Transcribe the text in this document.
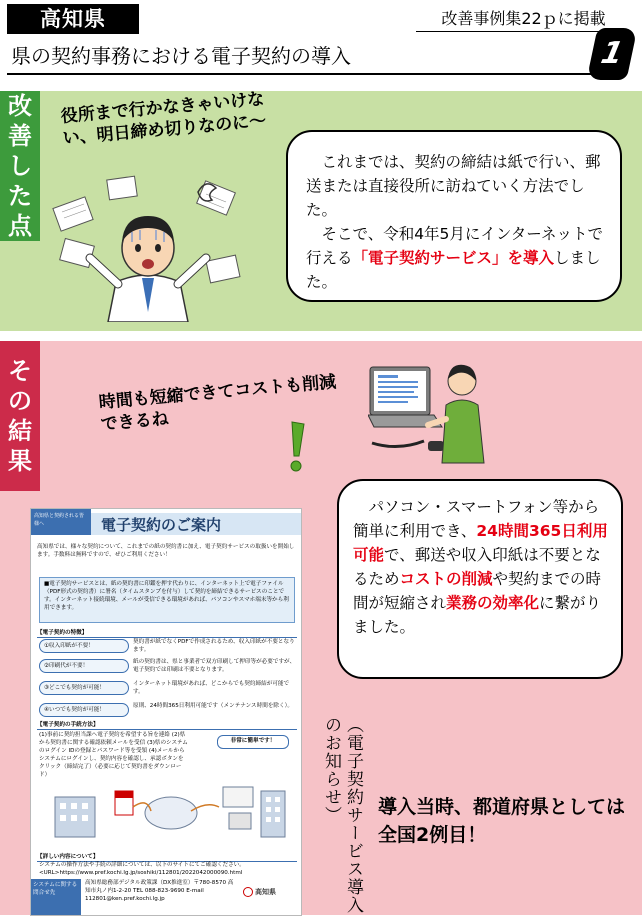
高知県	改善事例集22ｐに掲載
県の契約事務における電子契約の導入	1
改
善
し
た
点
役所まで行かなきゃいけない、明日締め切りなのに～
これまでは、契約の締結は紙で行い、郵送または直接役所に訪ねていく方法でした。
そこで、令和4年5月にインターネットで行える「電子契約サービス」を導入しました。
そ
の
結
果
時間も短縮できてコストも削減できるね
パソコン・スマートフォン等から簡単に利用でき、24時間365日利用可能で、郵送や収入印紙は不要となるためコストの削減や契約までの時間が短縮され業務の効率化に繋がりました。
高知県と契約される皆様へ	電子契約のご案内
高知県では、様々な契約について、これまでの紙の契約書に加え、電子契約サービスの取扱いを開始します。手数料は無料ですので、ぜひご利用ください！
■電子契約サービスとは、紙の契約書に印鑑を押す代わりに、インターネット上で電子ファイル（PDF形式の契約書）に署名（タイムスタンプを付与）して契約を締結できるサービスのことです。インターネット接続環境、メールが受信できる環境があれば、パソコンやスマホ端末等から利用できます。
【電子契約の特徴】
①収入印紙が不要！
契約書が紙でなくPDFで作成されるため、収入印紙が不要となります。
②印刷代が不要！
紙の契約書は、県と事業者で双方印刷して押印等が必要ですが、電子契約では印刷は不要となります。
③どこでも契約が可能！
インターネット環境があれば、どこからでも契約締結が可能です。
④いつでも契約が可能！
原則、24時間365日利用可能です（メンテナンス時間を除く）。
【電子契約の手続方法】
(1)事前に契約担当課へ電子契約を希望する旨を連絡 (2)県から契約書に関する確認依頼メールを受信 (3)県のシステムのログイン IDの登録とパスワード等を受領 (4)メールからシステムにログインし、契約内容を確認し、承認ボタンをクリック（締結完了）（必要に応じて契約書をダウンロード）
非常に簡単です！
【詳しい内容について】
システムの操作方法や手続の詳細については、以下のサイトにてご確認ください。<URL>https://www.pref.kochi.lg.jp/soshiki/112801/2022042000090.html
システムに関する問合せ先
高知県総務部デジタル政策課（DX推進室）〒780-8570 高知市丸ノ内1-2-20 TEL 088-823-9690 E-mail 112801@ken.pref.kochi.lg.jp
高知県	（電子契約サービス導入のお知らせ）	導入当時、都道府県としては全国2例目！
